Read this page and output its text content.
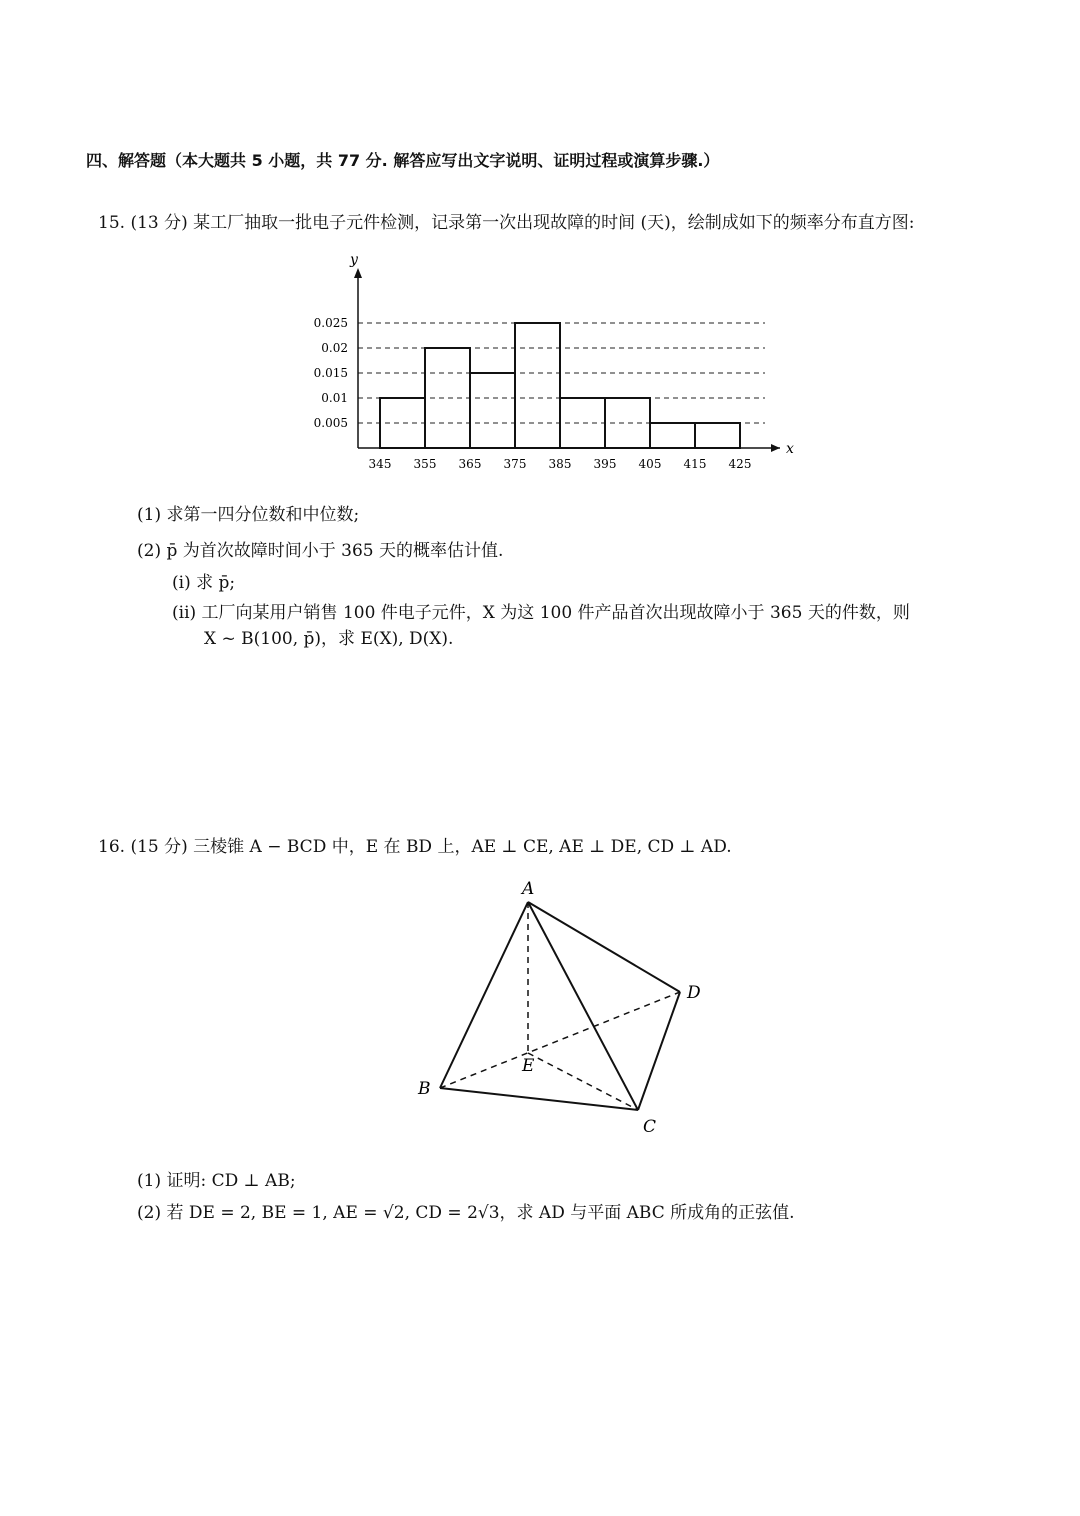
四、解答题（本大题共 5 小题，共 77 分. 解答应写出文字说明、证明过程或演算步骤.）
15. (13 分) 某工厂抽取一批电子元件检测，记录第一次出现故障的时间 (天)，绘制成如下的频率分布直方图:
x
y
0.005
0.01
0.015
0.02
0.025
345 355 365 375 385 395 405 415 425
(1) 求第一四分位数和中位数;
(2) p̄ 为首次故障时间小于 365 天的概率估计值.
(i) 求 p̄;
(ii) 工厂向某用户销售 100 件电子元件，X 为这 100 件产品首次出现故障小于 365 天的件数，则
X ~ B(100, p̄)，求 E(X), D(X).
16. (15 分) 三棱锥 A − BCD 中，E 在 BD 上，AE ⊥ CE, AE ⊥ DE, CD ⊥ AD.
A
B
C
D
E
(1) 证明: CD ⊥ AB;
(2) 若 DE = 2, BE = 1, AE = √2, CD = 2√3，求 AD 与平面 ABC 所成角的正弦值.
